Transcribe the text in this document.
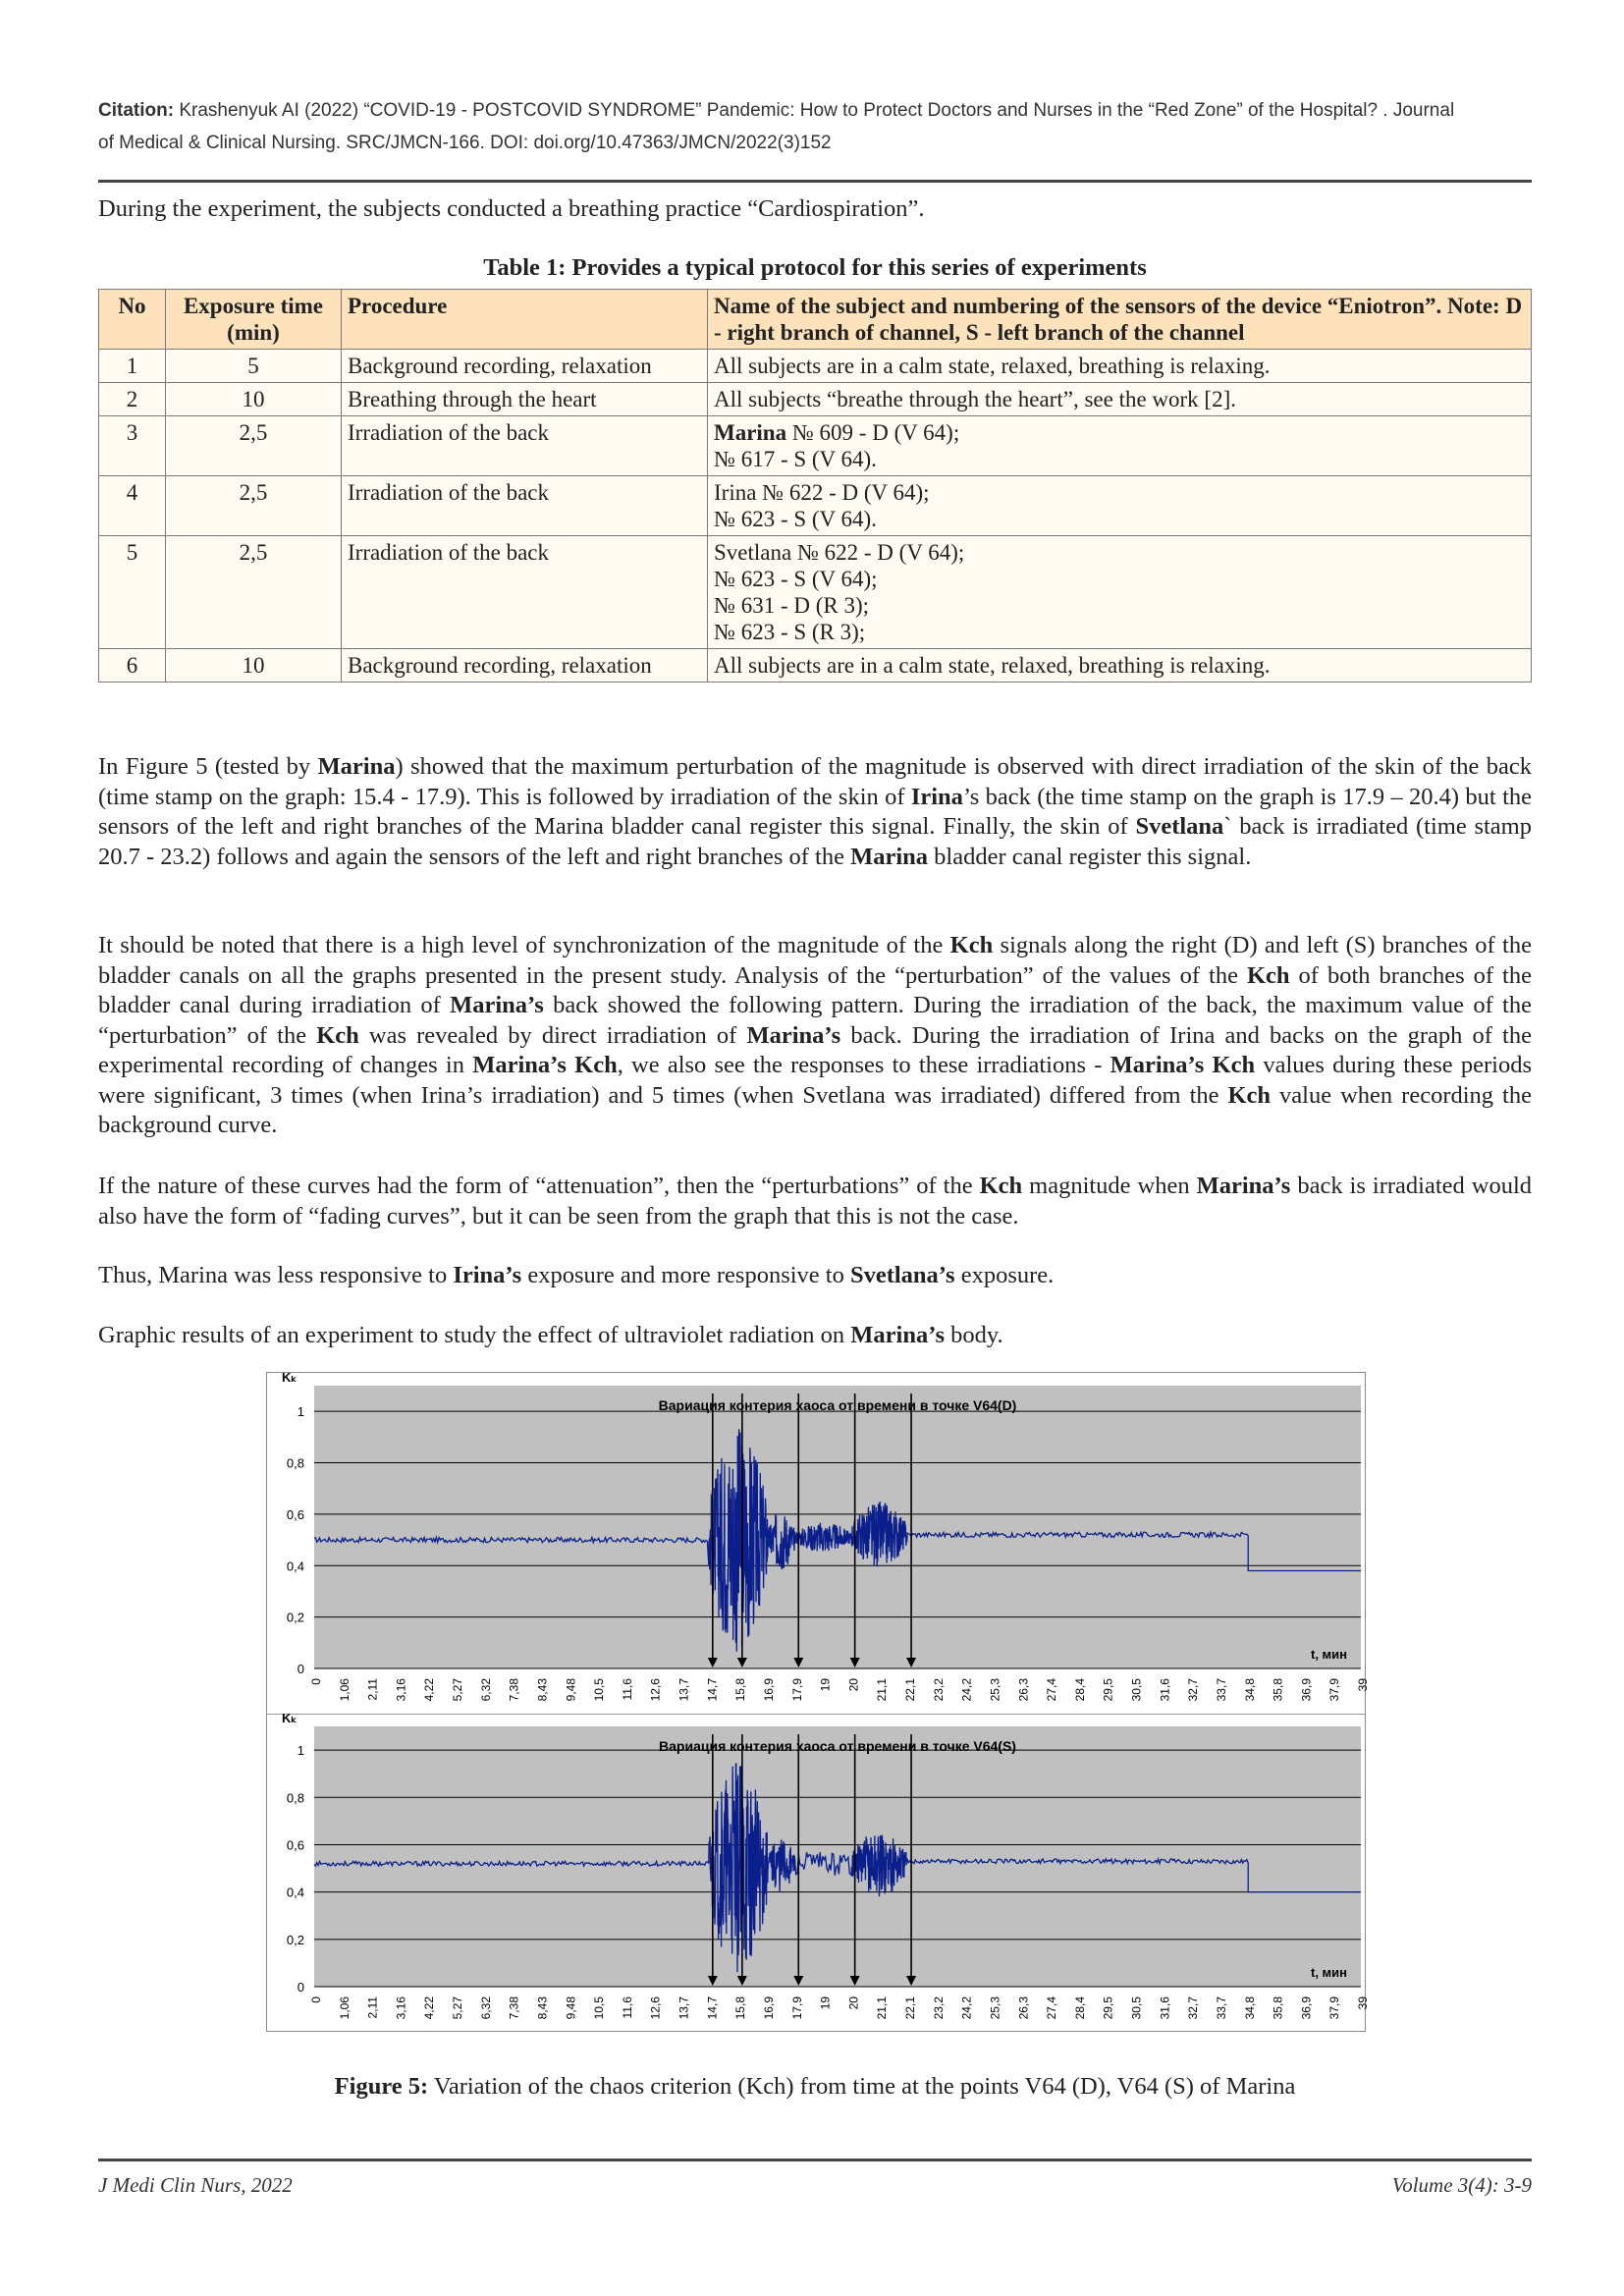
Citation: Krashenyuk AI (2022) “COVID-19 - POSTCOVID SYNDROME” Pandemic: How to Protect Doctors and Nurses in the “Red Zone” of the Hospital? . Journal
of Medical & Clinical Nursing. SRC/JMCN-166. DOI: doi.org/10.47363/JMCN/2022(3)152
During the experiment, the subjects conducted a breathing practice “Cardiospiration”.
Table 1: Provides a typical protocol for this series of experiments
No	Exposure time (min)	Procedure	Name of the subject and numbering of the sensors of the device “Eniotron”. Note: D - right branch of channel, S - left branch of the channel
1	5	Background recording, relaxation	All subjects are in a calm state, relaxed, breathing is relaxing.

2	10	Breathing through the heart	All subjects “breathe through the heart”, see the work [2].

3	2,5	Irradiation of the back	Marina № 609 - D (V 64);
№ 617 - S (V 64).

4	2,5	Irradiation of the back	Irina № 622 - D (V 64);
№ 623 - S (V 64).

5	2,5	Irradiation of the back	Svetlana № 622 - D (V 64);
№ 623 - S (V 64);
№ 631 - D (R 3);
№ 623 - S (R 3);

6	10	Background recording, relaxation	All subjects are in a calm state, relaxed, breathing is relaxing.
In Figure 5 (tested by Marina) showed that the maximum perturbation of the magnitude is observed with direct irradiation of the skin of the back (time stamp on the graph: 15.4 - 17.9). This is followed by irradiation of the skin of Irina’s back (the time stamp on the graph is 17.9 – 20.4) but the sensors of the left and right branches of the Marina bladder canal register this signal. Finally, the skin of Svetlana` back is irradiated (time stamp 20.7 - 23.2) follows and again the sensors of the left and right branches of the Marina bladder canal register this signal.
It should be noted that there is a high level of synchronization of the magnitude of the Kch signals along the right (D) and left (S) branches of the bladder canals on all the graphs presented in the present study. Analysis of the “perturbation” of the values of the Kch of both branches of the bladder canal during irradiation of Marina’s back showed the following pattern. During the irradiation of the back, the maximum value of the “perturbation” of the Kch was revealed by direct irradiation of Marina’s back. During the irradiation of Irina and backs on the graph of the experimental recording of changes in Marina’s Kch, we also see the responses to these irradiations - Marina’s Kch values during these periods were significant, 3 times (when Irina’s irradiation) and 5 times (when Svetlana was irradiated) differed from the Kch value when recording the background curve.
If the nature of these curves had the form of “attenuation”, then the “perturbations” of the Kch magnitude when Marina’s back is irradiated would also have the form of “fading curves”, but it can be seen from the graph that this is not the case.
Thus, Marina was less responsive to Irina’s exposure and more responsive to Svetlana’s exposure.
Graphic results of an experiment to study the effect of ultraviolet radiation on Marina’s body.
0
0,2
0,4
0,6
0,8
1
Kₖ
Вариация контерия хаоса от времени в точке V64(D)
t, мин
0 1,06 2,11 3,16 4,22 5,27 6,32 7,38 8,43 9,48 10,5 11,6 12,6 13,7 14,7 15,8 16,9 17,9 19 20 21,1 22,1 23,2 24,2 25,3 26,3 27,4 28,4 29,5 30,5 31,6 32,7 33,7 34,8 35,8 36,9 37,9 39
0
0,2
0,4
0,6
0,8
1
Kₖ
Вариация контерия хаоса от времени в точке V64(S)
t, мин
0 1,06 2,11 3,16 4,22 5,27 6,32 7,38 8,43 9,48 10,5 11,6 12,6 13,7 14,7 15,8 16,9 17,9 19 20 21,1 22,1 23,2 24,2 25,3 26,3 27,4 28,4 29,5 30,5 31,6 32,7 33,7 34,8 35,8 36,9 37,9 39
Figure 5: Variation of the chaos criterion (Kch) from time at the points V64 (D), V64 (S) of Marina
J Medi Clin Nurs, 2022	Volume 3(4): 3-9
